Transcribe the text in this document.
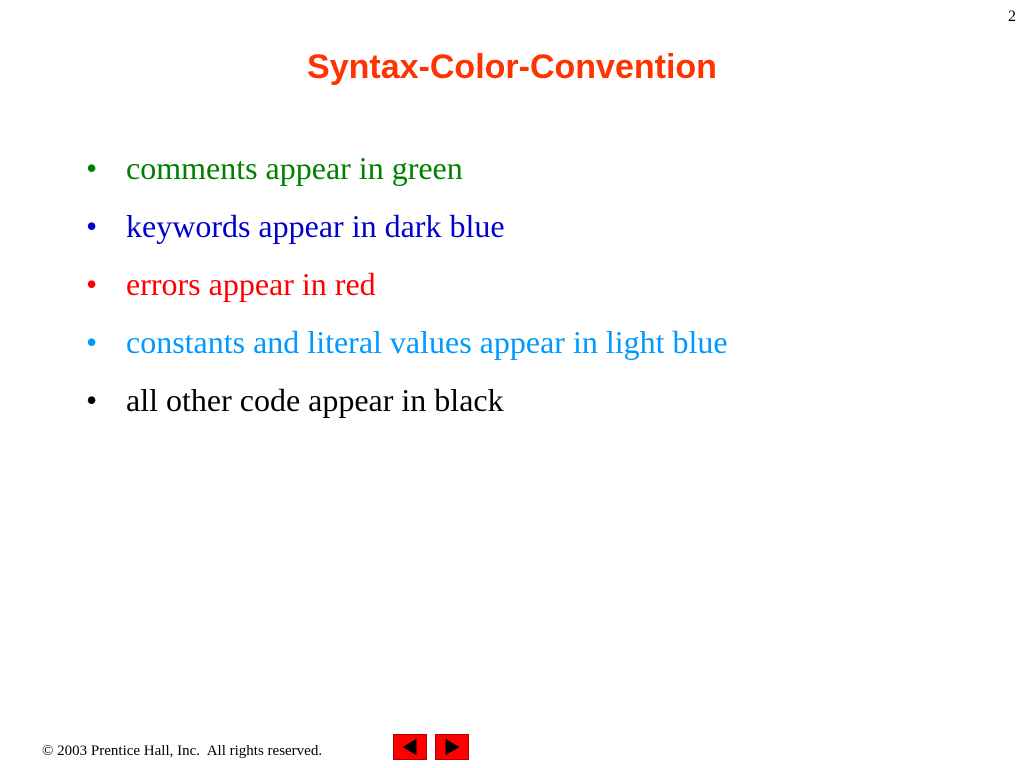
2
Syntax-Color-Convention
• comments appear in green
• keywords appear in dark blue
• errors appear in red
• constants and literal values appear in light blue
• all other code appear in black
© 2003 Prentice Hall, Inc.  All rights reserved.
